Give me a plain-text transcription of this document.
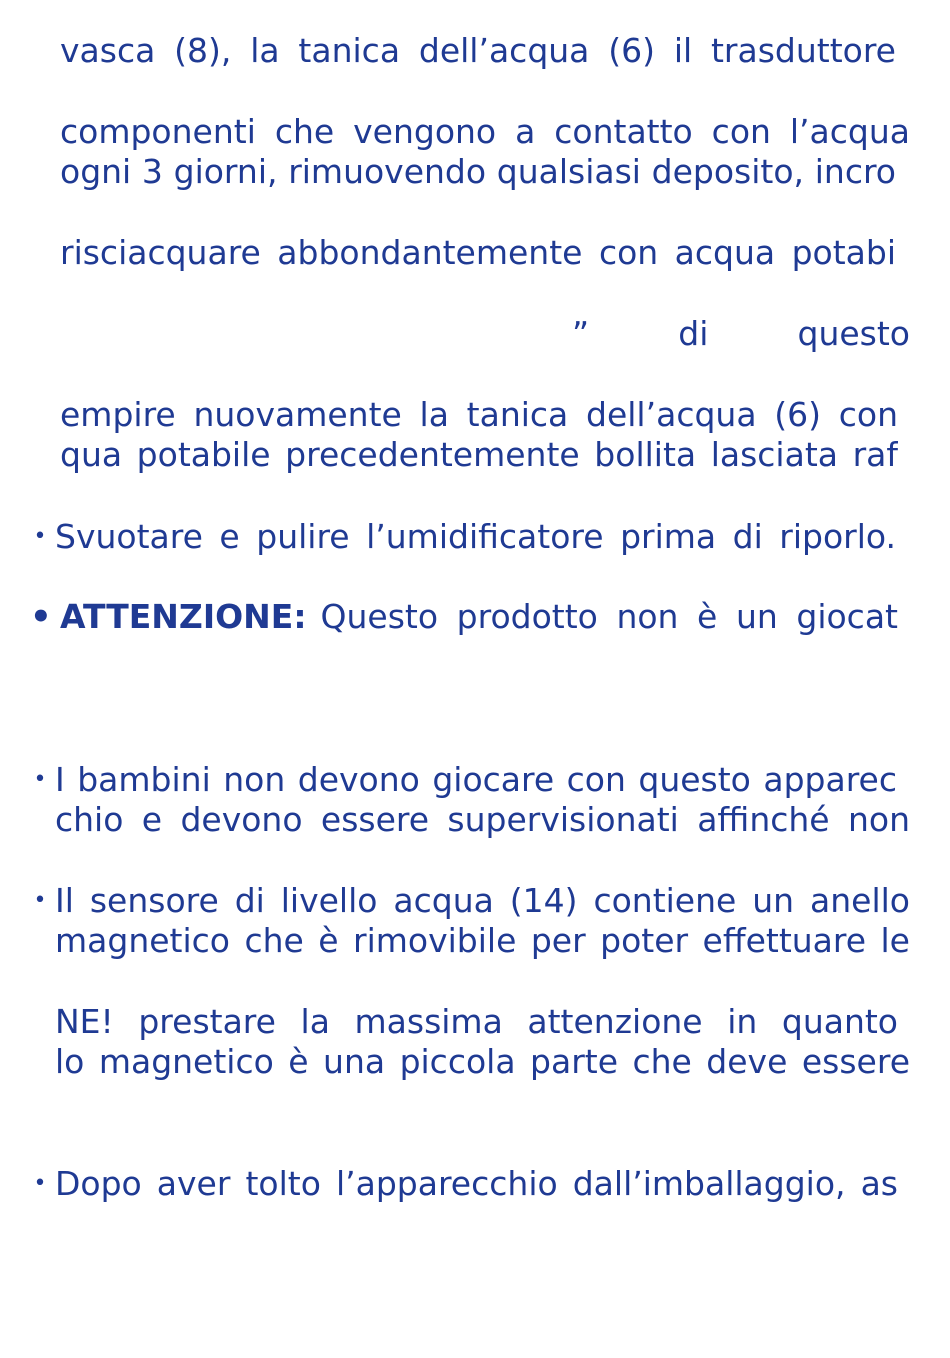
vasca (8), la tanica dell’acqua (6) il trasduttore
componenti che vengono a contatto con l’acqua
ogni 3 giorni, rimuovendo qualsiasi deposito, incro
risciacquare abbondantemente con acqua potabi
” di questo
empire nuovamente la tanica dell’acqua (6) con
qua potabile precedentemente bollita lasciata raf
• Svuotare e pulire l’umidificatore prima di riporlo.
• ATTENZIONE: Questo prodotto non è un giocat
• I bambini non devono giocare con questo apparec
chio e devono essere supervisionati affinché non
• Il sensore di livello acqua (14) contiene un anello
magnetico che è rimovibile per poter effettuare le
NE! prestare la massima attenzione in quanto
lo magnetico è una piccola parte che deve essere
• Dopo aver tolto l’apparecchio dall’imballaggio, as
